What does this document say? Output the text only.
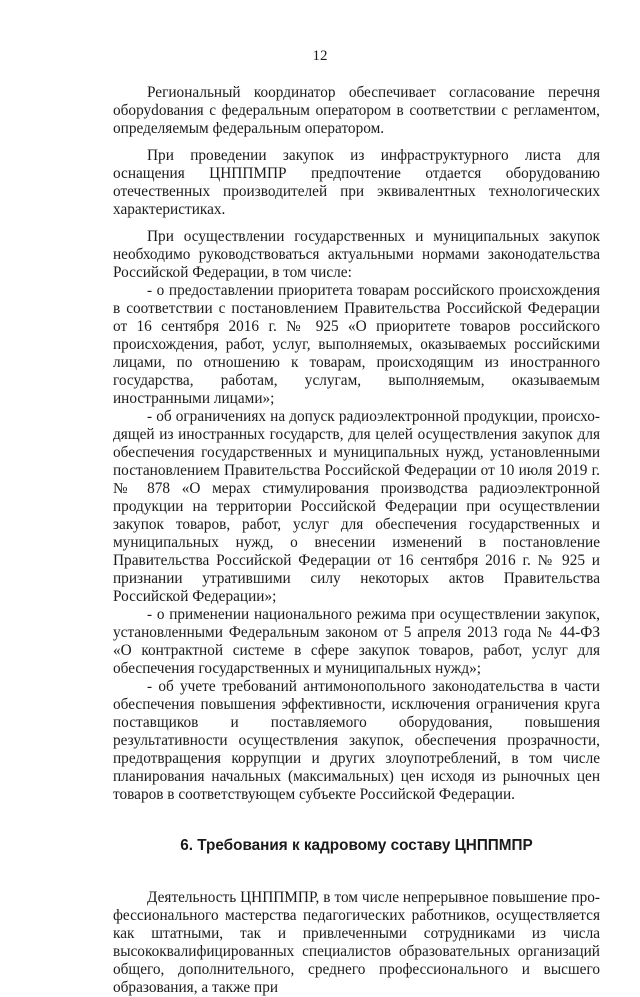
12

Региональный координатор обеспечивает согласование перечня оборуdования с федеральным оператором в соответствии с регламентом, определяемым федеральным оператором.

При проведении закупок из инфраструктурного листа для оснащения ЦНППМПР предпочтение отдается оборудованию отечественных производителей при эквивалентных технологических характеристиках.

При осуществлении государственных и муниципальных закупок необходимо руководствоваться актуальными нормами законодательства Российской Федерации, в том числе:

- о предоставлении приоритета товарам российского происхождения в соответствии с постановлением Правительства Российской Федерации от 16 сентября 2016 г. № 925 «О приоритете товаров российского происхождения, работ, услуг, выполняемых, оказываемых российскими лицами, по отношению к товарам, происходящим из иностранного государства, работам, услугам, выполняемым, оказываемым иностранными лицами»;

- об ограничениях на допуск радиоэлектронной продукции, происходящей из иностранных государств, для целей осуществления закупок для обеспечения государственных и муниципальных нужд, установленными постановлением Правительства Российской Федерации от 10 июля 2019 г. № 878 «О мерах стимулирования производства радиоэлектронной продукции на территории Российской Федерации при осуществлении закупок товаров, работ, услуг для обеспечения государственных и муниципальных нужд, о внесении изменений в постановление Правительства Российской Федерации от 16 сентября 2016 г. № 925 и признании утратившими силу некоторых актов Правительства Российской Федерации»;

- о применении национального режима при осуществлении закупок, установленными Федеральным законом от 5 апреля 2013 года № 44-ФЗ «О контрактной системе в сфере закупок товаров, работ, услуг для обеспечения государственных и муниципальных нужд»;

- об учете требований антимонопольного законодательства в части обеспечения повышения эффективности, исключения ограничения круга поставщиков и поставляемого оборудования, повышения результативности осуществления закупок, обеспечения прозрачности, предотвращения коррупции и других злоупотреблений, в том числе планирования начальных (максимальных) цен исходя из рыночных цен товаров в соответствующем субъекте Российской Федерации.

6. Требования к кадровому составу ЦНППМПР

Деятельность ЦНППМПР, в том числе непрерывное повышение профессионального мастерства педагогических работников, осуществляется как штатными, так и привлеченными сотрудниками из числа высококвалифицированных специалистов образовательных организаций общего, дополнительного, среднего профессионального и высшего образования, а также при
